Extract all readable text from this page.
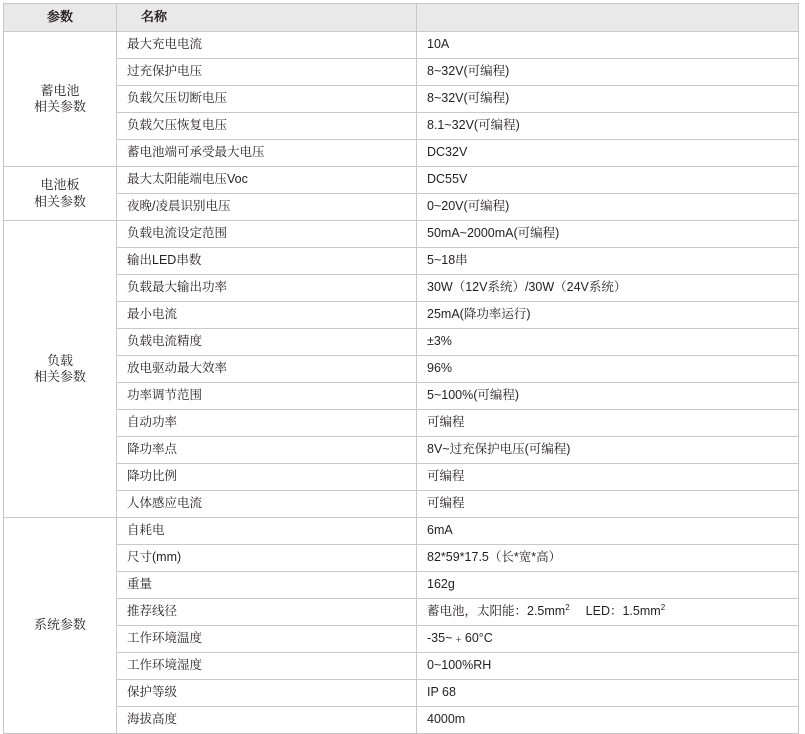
参数	名称	

蓄电池
相关参数	最大充电电流	10A
	过充保护电压	8~32V(可编程)
	负载欠压切断电压	8~32V(可编程)
	负载欠压恢复电压	8.1~32V(可编程)
	蓄电池端可承受最大电压	DC32V

电池板
相关参数	最大太阳能端电压Voc	DC55V
	夜晚/凌晨识别电压	0~20V(可编程)

负载
相关参数	负载电流设定范围	50mA~2000mA(可编程)
	输出LED串数	5~18串
	负载最大输出功率	30W（12V系统）/30W（24V系统）
	最小电流	25mA(降功率运行)
	负载电流精度	±3%
	放电驱动最大效率	96%
	功率调节范围	5~100%(可编程)
	自动功率	可编程
	降功率点	8V~过充保护电压(可编程)
	降功比例	可编程
	人体感应电流	可编程

系统参数	自耗电	6mA
	尺寸(mm)	82*59*17.5（长*宽*高）
	重量	162g
	推荐线径	蓄电池，太阳能：$2.5mm^2$ LED：$1.5mm^2$
	工作环境温度	-35~﹢60°C
	工作环境湿度	0~100%RH
	保护等级	IP 68
	海拔高度	4000m
